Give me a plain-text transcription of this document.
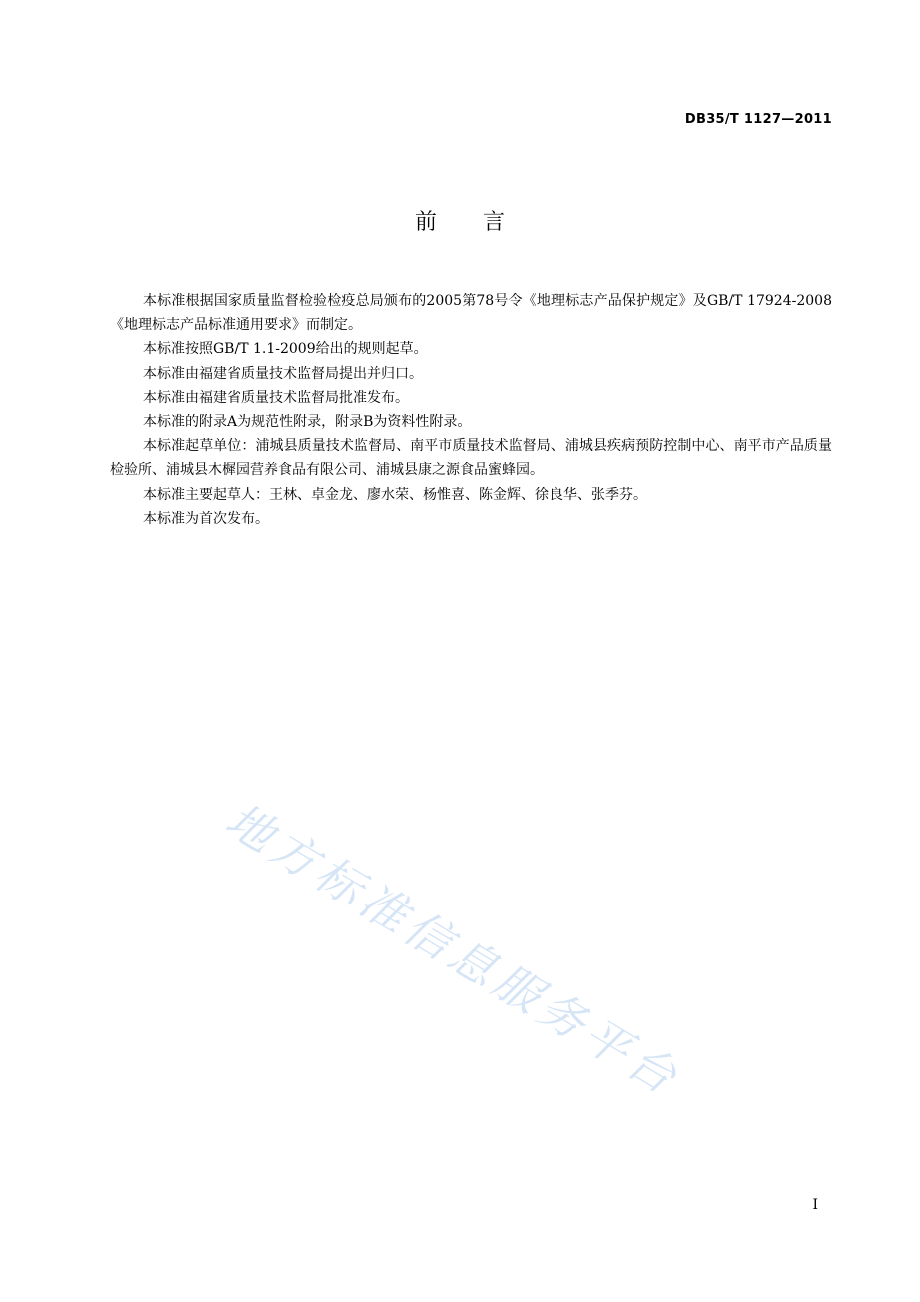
DB35/T 1127—2011
前言

本标准根据国家质量监督检验检疫总局颁布的2005第78号令《地理标志产品保护规定》及GB/T 17924-2008《地理标志产品标准通用要求》而制定。

本标准按照GB/T 1.1-2009给出的规则起草。

本标准由福建省质量技术监督局提出并归口。

本标准由福建省质量技术监督局批准发布。

本标准的附录A为规范性附录，附录B为资料性附录。

本标准起草单位：浦城县质量技术监督局、南平市质量技术监督局、浦城县疾病预防控制中心、南平市产品质量检验所、浦城县木樨园营养食品有限公司、浦城县康之源食品蜜蜂园。

本标准主要起草人：王林、卓金龙、廖水荣、杨惟喜、陈金辉、徐良华、张季芬。

本标准为首次发布。

地方标准信息服务平台
I
